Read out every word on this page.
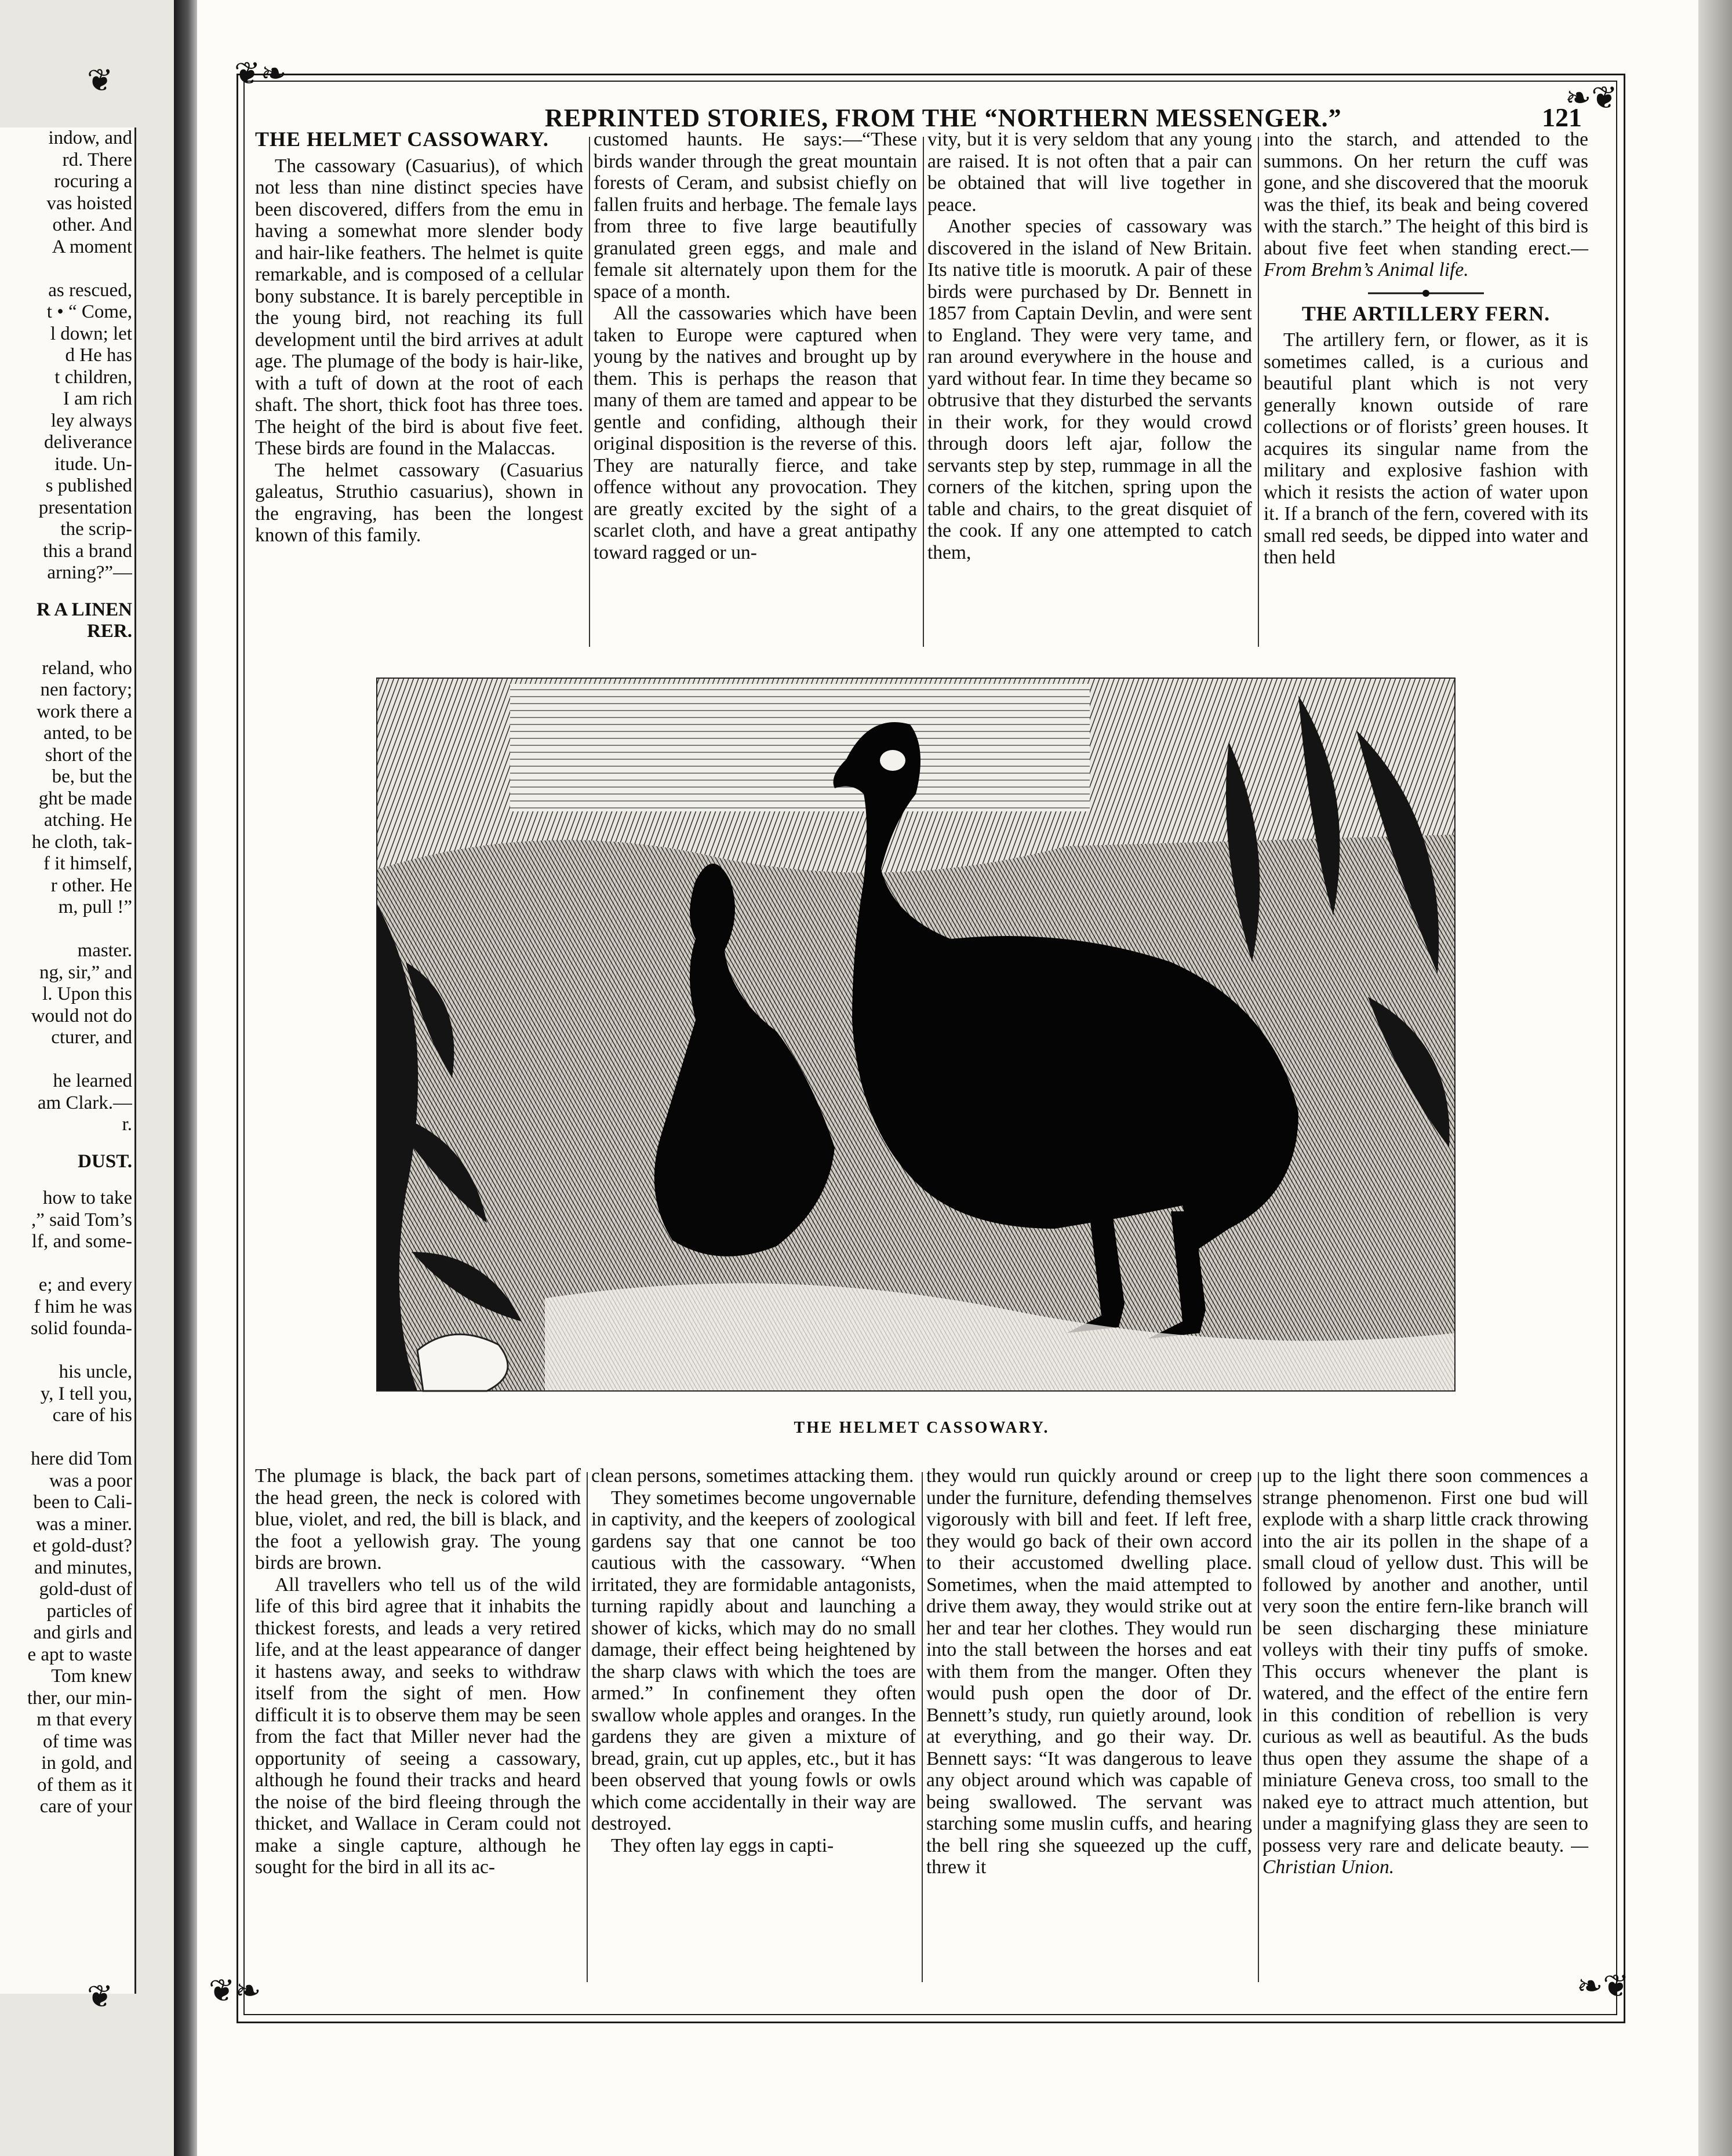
indow, and
rd. There
rocuring a
vas hoisted
other. And
A moment

as rescued,
t • “ Come,
l down; let
d He has
t children,
I am rich
ley always
deliverance
itude. Un-
s published
presentation
the scrip-
this a brand
arning?”—
R A LINEN
RER.
reland, who
nen factory;
work there a
anted, to be
short of the
be, but the
ght be made
atching. He
he cloth, tak-
f it himself,
r other. He
m, pull !”

master.
ng, sir,” and
l. Upon this
would not do
cturer, and

he learned
am Clark.—
r.
DUST.
how to take
,” said Tom’s
lf, and some-

e; and every
f him he was
solid founda-

his uncle,
y, I tell you,
care of his

here did Tom
was a poor
been to Cali-
was a miner.
et gold-dust?
and minutes,
gold-dust of
particles of
and girls and
e apt to waste
Tom knew
ther, our min-
m that every
of time was
in gold, and
of them as it
care of your
❦
❦
❦❧
❧❦
❦❧	❧❦
REPRINTED STORIES, FROM THE “NORTHERN MESSENGER.”	121
THE HELMET CASSOWARY.

The cassowary (Casuarius), of which not less than nine distinct species have been discovered, differs from the emu in having a somewhat more slender body and hair-like feathers. The helmet is quite remarkable, and is composed of a cellular bony substance. It is barely perceptible in the young bird, not reaching its full development until the bird arrives at adult age. The plumage of the body is hair-like, with a tuft of down at the root of each shaft. The short, thick foot has three toes. The height of the bird is about five feet. These birds are found in the Malaccas.

The helmet cassowary (Casuarius galeatus, Struthio casuarius), shown in the engraving, has been the longest known of this family.

customed haunts. He says:—“These birds wander through the great mountain forests of Ceram, and subsist chiefly on fallen fruits and herbage. The female lays from three to five large beautifully granulated green eggs, and male and female sit alternately upon them for the space of a month.

All the cassowaries which have been taken to Europe were captured when young by the natives and brought up by them. This is perhaps the reason that many of them are tamed and appear to be gentle and confiding, although their original disposition is the reverse of this. They are naturally fierce, and take offence without any provocation. They are greatly excited by the sight of a scarlet cloth, and have a great antipathy toward ragged or un-

vity, but it is very seldom that any young are raised. It is not often that a pair can be obtained that will live together in peace.

Another species of cassowary was discovered in the island of New Britain. Its native title is moorutk. A pair of these birds were purchased by Dr. Bennett in 1857 from Captain Devlin, and were sent to England. They were very tame, and ran around everywhere in the house and yard without fear. In time they became so obtrusive that they disturbed the servants in their work, for they would crowd through doors left ajar, follow the servants step by step, rummage in all the corners of the kitchen, spring upon the table and chairs, to the great disquiet of the cook. If any one attempted to catch them,

into the starch, and attended to the summons. On her return the cuff was gone, and she discovered that the mooruk was the thief, its beak and being covered with the starch.” The height of this bird is about five feet when standing erect.—From Brehm’s Animal life.

THE ARTILLERY FERN.

The artillery fern, or flower, as it is sometimes called, is a curious and beautiful plant which is not very generally known outside of rare collections or of florists’ green houses. It acquires its singular name from the military and explosive fashion with which it resists the action of water upon it. If a branch of the fern, covered with its small red seeds, be dipped into water and then held

THE HELMET CASSOWARY.

The plumage is black, the back part of the head green, the neck is colored with blue, violet, and red, the bill is black, and the foot a yellowish gray. The young birds are brown.

All travellers who tell us of the wild life of this bird agree that it inhabits the thickest forests, and leads a very retired life, and at the least appearance of danger it hastens away, and seeks to withdraw itself from the sight of men. How difficult it is to observe them may be seen from the fact that Miller never had the opportunity of seeing a cassowary, although he found their tracks and heard the noise of the bird fleeing through the thicket, and Wallace in Ceram could not make a single capture, although he sought for the bird in all its ac-

clean persons, sometimes attacking them.

They sometimes become ungovernable in captivity, and the keepers of zoological gardens say that one cannot be too cautious with the cassowary. “When irritated, they are formidable antagonists, turning rapidly about and launching a shower of kicks, which may do no small damage, their effect being heightened by the sharp claws with which the toes are armed.” In confinement they often swallow whole apples and oranges. In the gardens they are given a mixture of bread, grain, cut up apples, etc., but it has been observed that young fowls or owls which come accidentally in their way are destroyed.

They often lay eggs in capti-

they would run quickly around or creep under the furniture, defending themselves vigorously with bill and feet. If left free, they would go back of their own accord to their accustomed dwelling place. Sometimes, when the maid attempted to drive them away, they would strike out at her and tear her clothes. They would run into the stall between the horses and eat with them from the manger. Often they would push open the door of Dr. Bennett’s study, run quietly around, look at everything, and go their way. Dr. Bennett says: “It was dangerous to leave any object around which was capable of being swallowed. The servant was starching some muslin cuffs, and hearing the bell ring she squeezed up the cuff, threw it

up to the light there soon commences a strange phenomenon. First one bud will explode with a sharp little crack throwing into the air its pollen in the shape of a small cloud of yellow dust. This will be followed by another and another, until very soon the entire fern-like branch will be seen discharging these miniature volleys with their tiny puffs of smoke. This occurs whenever the plant is watered, and the effect of the entire fern in this condition of rebellion is very curious as well as beautiful. As the buds thus open they assume the shape of a miniature Geneva cross, too small to the naked eye to attract much attention, but under a magnifying glass they are seen to possess very rare and delicate beauty. — Christian Union.
